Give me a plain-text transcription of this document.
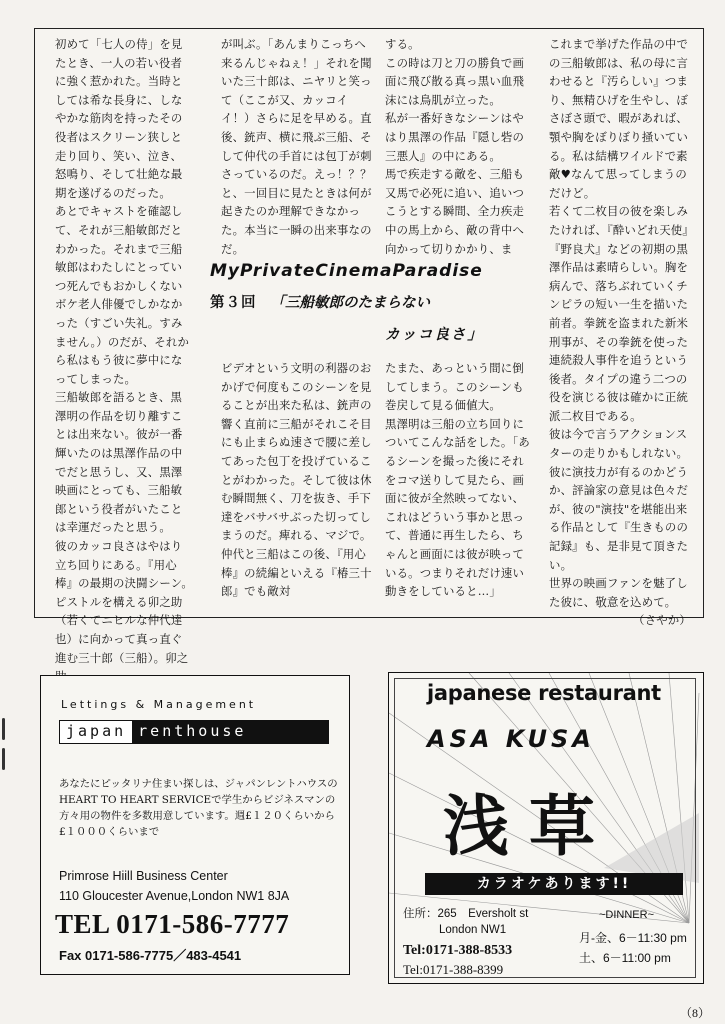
初めて「七人の侍」を見たとき、一人の若い役者に強く惹かれた。当時としては希な長身に、しなやかな筋肉を持ったその役者はスクリーン狭しと走り回り、笑い、泣き、怒鳴り、そして壮絶な最期を遂げるのだった。

あとでキャストを確認して、それが三船敏郎だとわかった。それまで三船敏郎はわたしにとっていつ死んでもおかしくないボケ老人俳優でしかなかった（すごい失礼。すみません。）のだが、それから私はもう彼に夢中になってしまった。

三船敏郎を語るとき、黒澤明の作品を切り離すことは出来ない。彼が一番輝いたのは黒澤作品の中でだと思うし、又、黒澤映画にとっても、三船敏郎という役者がいたことは幸運だったと思う。

彼のカッコ良さはやはり立ち回りにある。『用心棒』の最期の決闘シーン。ピストルを構える卯之助（若くてニヒルな仲代達也）に向かって真っ直ぐ進む三十郎（三船）。卯之

が叫ぶ。「あんまりこっちへ来るんじゃねぇ！」それを聞いた三十郎は、ニヤリと笑って（ここが又、カッコイイ！）さらに足を早める。直後、銃声、横に飛ぶ三船、そして仲代の手首には包丁が刺さっているのだ。えっ！？？と、一回目に見たときは何が起きたのか理解できなかった。本当に一瞬の出来事なのだ。

する。

この時は刀と刀の勝負で画面に飛び散る真っ黒い血飛沫には鳥肌が立った。

私が一番好きなシーンはやはり黒澤の作品『隠し砦の三悪人』の中にある。

馬で疾走する敵を、三船も又馬で必死に追い、追いつこうとする瞬間、全力疾走中の馬上から、敵の背中へ向かって切りかかり、ま

これまで挙げた作品の中での三船敏郎は、私の母に言わせると『汚らしい』つまり、無精ひげを生やし、ぼさぼさ頭で、暇があれば、顎や胸をぼりぼり掻いている。私は結構ワイルドで素敵♥なんて思ってしまうのだけど。

若くて二枚目の彼を楽しみたければ、『酔いどれ天使』『野良犬』などの初期の黒澤作品は素晴らしい。胸を病んで、落ちぶれていくチンピラの短い一生を描いた前者。拳銃を盗まれた新米刑事が、その拳銃を使った連続殺人事件を追うという後者。タイプの違う二つの役を演じる彼は確かに正統派二枚目である。

彼は今で言うアクションスターの走りかもしれない。彼に演技力が有るのかどうか、評論家の意見は色々だが、彼の"演技"を堪能出来る作品として『生きものの記録』も、是非見て頂きたい。

世界の映画ファンを魅了した彼に、敬意を込めて。

（さやか）

MyPrivateCinemaParadise
第３回 「三船敏郎のたまらない
カッコ良さ」

ビデオという文明の利器のおかげで何度もこのシーンを見ることが出来た私は、銃声の響く直前に三船がそれこそ目にも止まらぬ速さで腰に差してあった包丁を投げていることがわかった。そして彼は休む瞬間無く、刀を抜き、手下達をバサバサぶった切ってしまうのだ。痺れる、マジで。

仲代と三船はこの後、『用心棒』の続編といえる『椿三十郎』でも敵対

たまた、あっという間に倒してしまう。このシーンも巻戻して見る価値大。

黒澤明は三船の立ち回りについてこんな話をした。「あるシーンを撮った後にそれをコマ送りして見たら、画面に彼が全然映ってない、これはどういう事かと思って、普通に再生したら、ちゃんと画面には彼が映っている。つまりそれだけ速い動きをしていると…」

Lettings & Management
japan renthouse
あなたにピッタリナ住まい探しは、ジャパンレントハウスのHEART TO HEART SERVICEで学生からビジネスマンの方々用の物件を多数用意しています。週£１２０くらいから£１０００くらいまで
Primrose Hiill Business Center
110 Gloucester Avenue,London NW1 8JA
TEL 0171-586-7777
Fax 0171-586-7775／483-4541
japanese restaurant
ASA KUSA
浅草
カラオケあります!!
住所：265　Eversholt st
London NW1
~DINNER~
月-金、6－11:30 pm
土、6－11:00 pm
Tel:0171-388-8533
Tel:0171-388-8399
（8）
